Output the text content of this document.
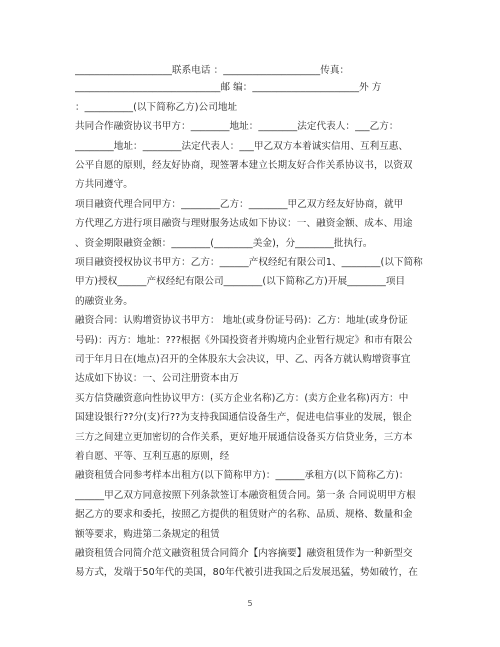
____________________联系电话 ：____________________传真：
______________________________邮 编：______________________外 方
：__________(以下简称乙方)公司地址
共同合作融资协议书甲方：________地址：________法定代表人：___乙方：
________地址：________法定代表人：___甲乙双方本着诚实信用、互利互惠、
公平自愿的原则，经友好协商，现签署本建立长期友好合作关系协议书，以资双
方共同遵守。
项目融资代理合同甲方：________乙方：________甲乙双方经友好协商，就甲
方代理乙方进行项目融资与理财服务达成如下协议：一、融资金额、成本、用途
、资金期限融资金额：________(________美金)，分________批执行。
项目融资授权协议书甲方：乙方：______产权经纪有限公司1、________(以下简称
甲方)授权______产权经纪有限公司________(以下简称乙方)开展________项目
的融资业务。
融资合同：认购增资协议书甲方： 地址(或身份证号码)：乙方：地址(或身份证
号码)：丙方：地址：???根据《外国投资者并购境内企业暂行规定》和市有限公
司于年月日在(地点)召开的全体股东大会决议，甲、乙、丙各方就认购增资事宜
达成如下协议：一、公司注册资本由万
买方信贷融资意向性协议甲方：(买方企业名称)乙方：(卖方企业名称)丙方：中
国建设银行??分(支)行??为支持我国通信设备生产，促进电信事业的发展，银企
三方之间建立更加密切的合作关系，更好地开展通信设备买方信贷业务，三方本
着自愿、平等、互利互惠的原则，经
融资租赁合同参考样本出租方(以下简称甲方)：______承租方(以下简称乙方)：
______甲乙双方同意按照下列条款签订本融资租赁合同。第一条 合同说明甲方根
据乙方的要求和委托，按照乙方提供的租赁财产的名称、品质、规格、数量和金
额等要求，购进第二条规定的租赁
融资租赁合同简介范文融资租赁合同简介【内容摘要】融资租赁作为一种新型交
易方式，发端于50年代的美国，80年代被引进我国之后发展迅猛，势如破竹，在
5
